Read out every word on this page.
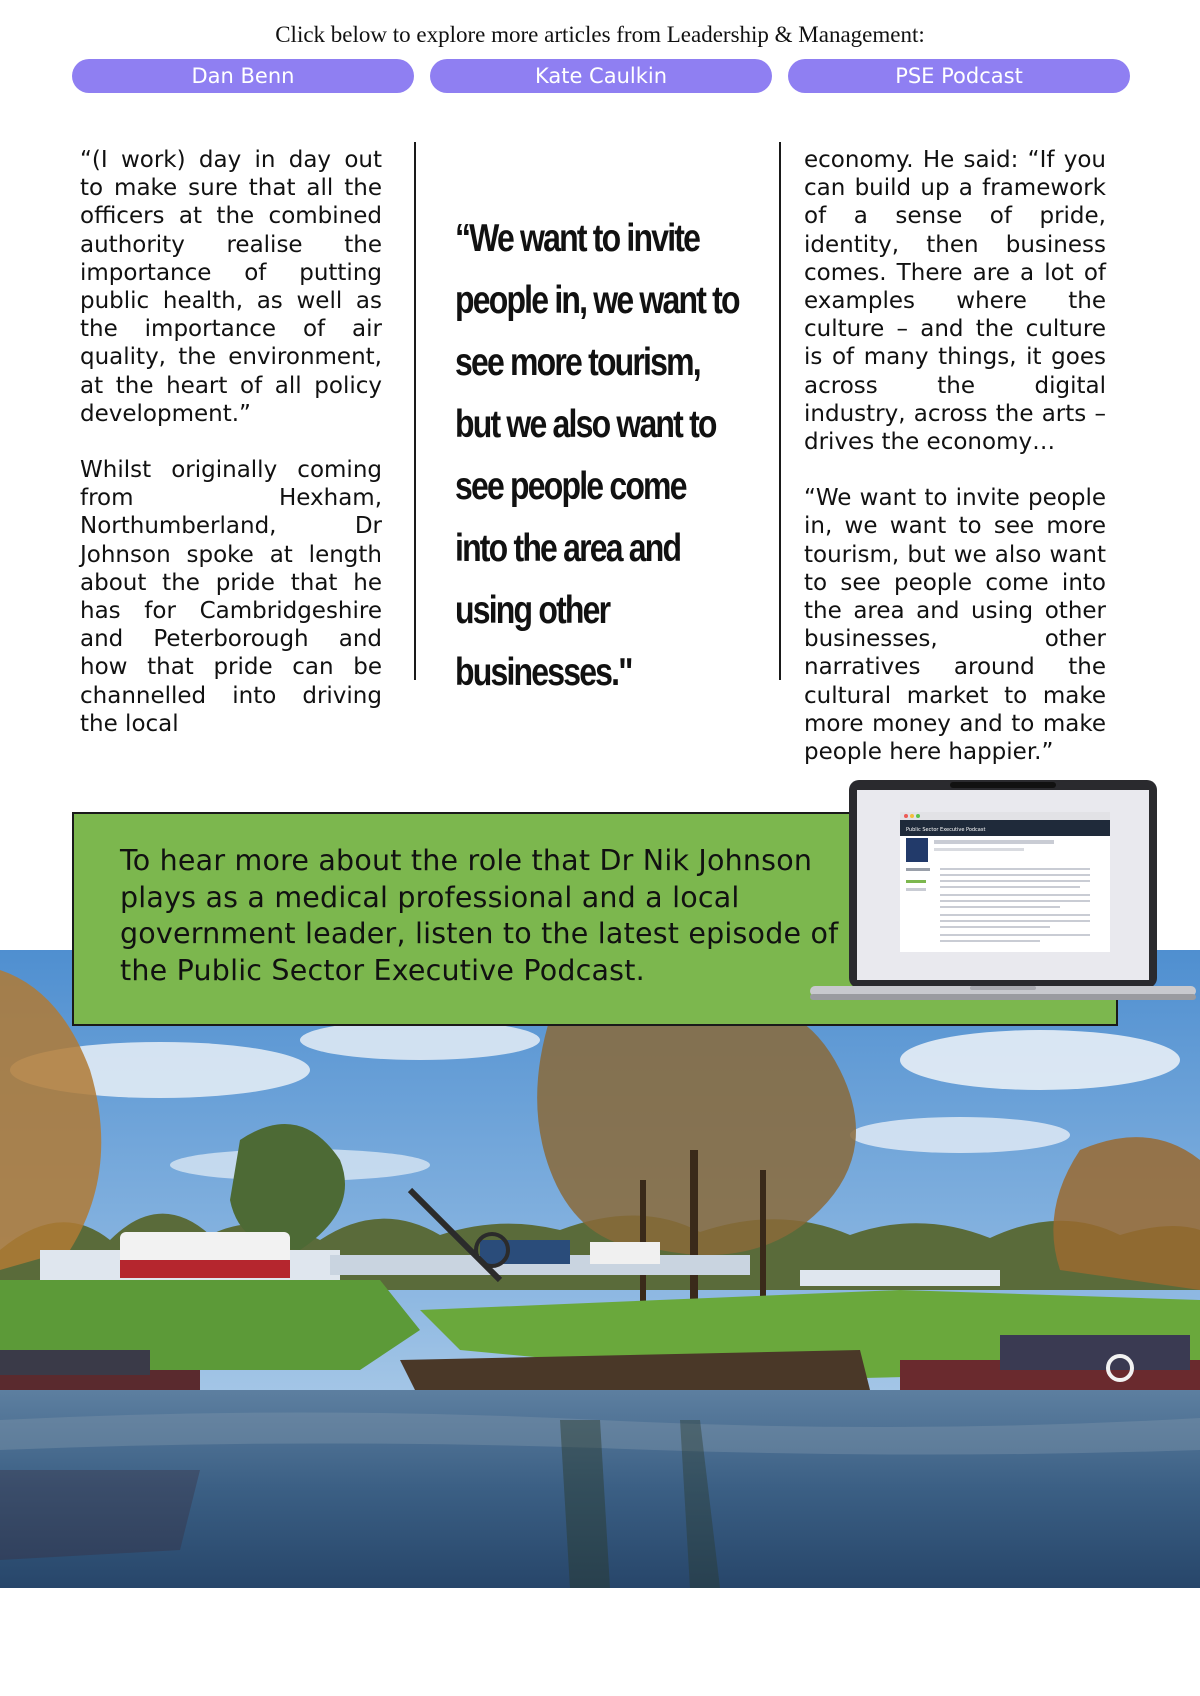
Click below to explore more articles from Leadership & Management:
Dan Benn	Kate Caulkin	PSE Podcast

“(I work) day in day out to make sure that all the officers at the combined authority realise the importance of putting public health, as well as the importance of air quality, the environment, at the heart of all policy development.”

Whilst originally coming from Hexham, Northumberland, Dr Johnson spoke at length about the pride that he has for Cambridgeshire and Peterborough and how that pride can be channelled into driving the local

“We want to invite people in, we want to see more tourism, but we also want to see people come into the area and using other businesses."

economy. He said: “If you can build up a framework of a sense of pride, identity, then business comes. There are a lot of examples where the culture – and the culture is of many things, it goes across the digital industry, across the arts – drives the economy…

“We want to invite people in, we want to see more tourism, but we also want to see people come into the area and using other businesses, other narratives around the cultural market to make more money and to make people here happier.”

To hear more about the role that Dr Nik Johnson plays as a medical professional and a local government leader, listen to the latest episode of the Public Sector Executive Podcast.
Public Sector Executive Podcast
